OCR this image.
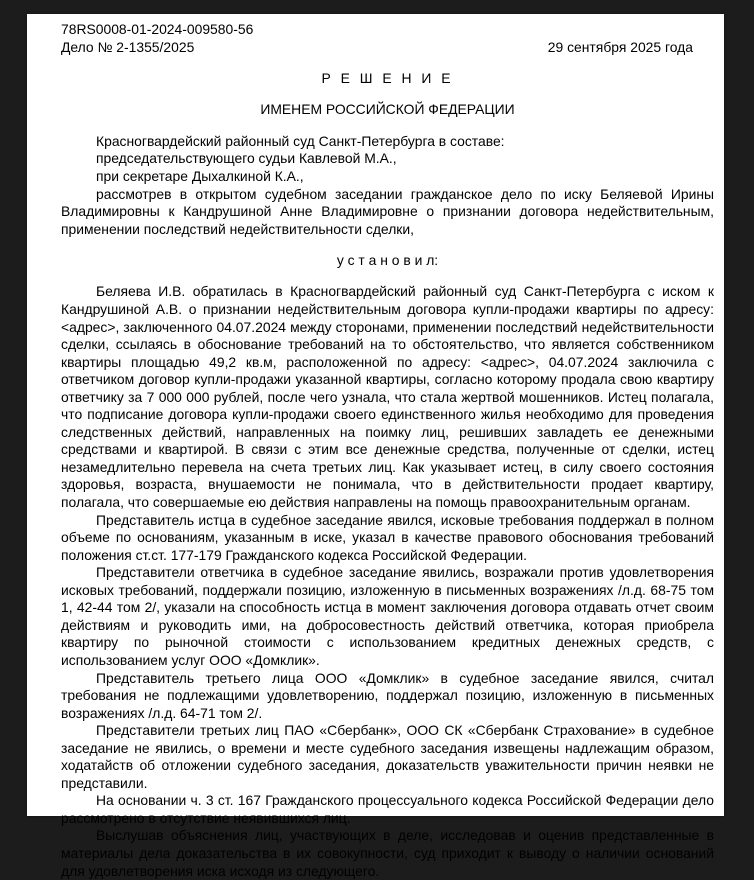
78RS0008-01-2024-009580-56

Дело № 2-1355/2025	29 сентября 2025 года

Р Е Ш Е Н И Е

ИМЕНЕМ РОССИЙСКОЙ ФЕДЕРАЦИИ

Красногвардейский районный суд Санкт-Петербурга в составе:

председательствующего судьи Кавлевой М.А.,

при секретаре Дыхалкиной К.А.,

рассмотрев в открытом судебном заседании гражданское дело по иску Беляевой Ирины Владимировны к Кандрушиной Анне Владимировне о признании договора недействительным, применении последствий недействительности сделки,

у с т а н о в и л:

Беляева И.В. обратилась в Красногвардейский районный суд Санкт-Петербурга с иском к Кандрушиной А.В. о признании недействительным договора купли-продажи квартиры по адресу: <адрес>, заключенного 04.07.2024 между сторонами, применении последствий недействительности сделки, ссылаясь в обоснование требований на то обстоятельство, что является собственником квартиры площадью 49,2 кв.м, расположенной по адресу: <адрес>, 04.07.2024 заключила с ответчиком договор купли-продажи указанной квартиры, согласно которому продала свою квартиру ответчику за 7 000 000 рублей, после чего узнала, что стала жертвой мошенников. Истец полагала, что подписание договора купли-продажи своего единственного жилья необходимо для проведения следственных действий, направленных на поимку лиц, решивших завладеть ее денежными средствами и квартирой. В связи с этим все денежные средства, полученные от сделки, истец незамедлительно перевела на счета третьих лиц. Как указывает истец, в силу своего состояния здоровья, возраста, внушаемости не понимала, что в действительности продает квартиру, полагала, что совершаемые ею действия направлены на помощь правоохранительным органам.

Представитель истца в судебное заседание явился, исковые требования поддержал в полном объеме по основаниям, указанным в иске, указал в качестве правового обоснования требований положения ст.ст. 177-179 Гражданского кодекса Российской Федерации.

Представители ответчика в судебное заседание явились, возражали против удовлетворения исковых требований, поддержали позицию, изложенную в письменных возражениях /л.д. 68-75 том 1, 42-44 том 2/, указали на способность истца в момент заключения договора отдавать отчет своим действиям и руководить ими, на добросовестность действий ответчика, которая приобрела квартиру по рыночной стоимости с использованием кредитных денежных средств, с использованием услуг ООО «Домклик».

Представитель третьего лица ООО «Домклик» в судебное заседание явился, считал требования не подлежащими удовлетворению, поддержал позицию, изложенную в письменных возражениях /л.д. 64-71 том 2/.

Представители третьих лиц ПАО «Сбербанк», ООО СК «Сбербанк Страхование» в судебное заседание не явились, о времени и месте судебного заседания извещены надлежащим образом, ходатайств об отложении судебного заседания, доказательств уважительности причин неявки не представили.

На основании ч. 3 ст. 167 Гражданского процессуального кодекса Российской Федерации дело рассмотрено в отсутствие неявившихся лиц.

Выслушав объяснения лиц, участвующих в деле, исследовав и оценив представленные в материалы дела доказательства в их совокупности, суд приходит к выводу о наличии оснований для удовлетворения иска исходя из следующего.
